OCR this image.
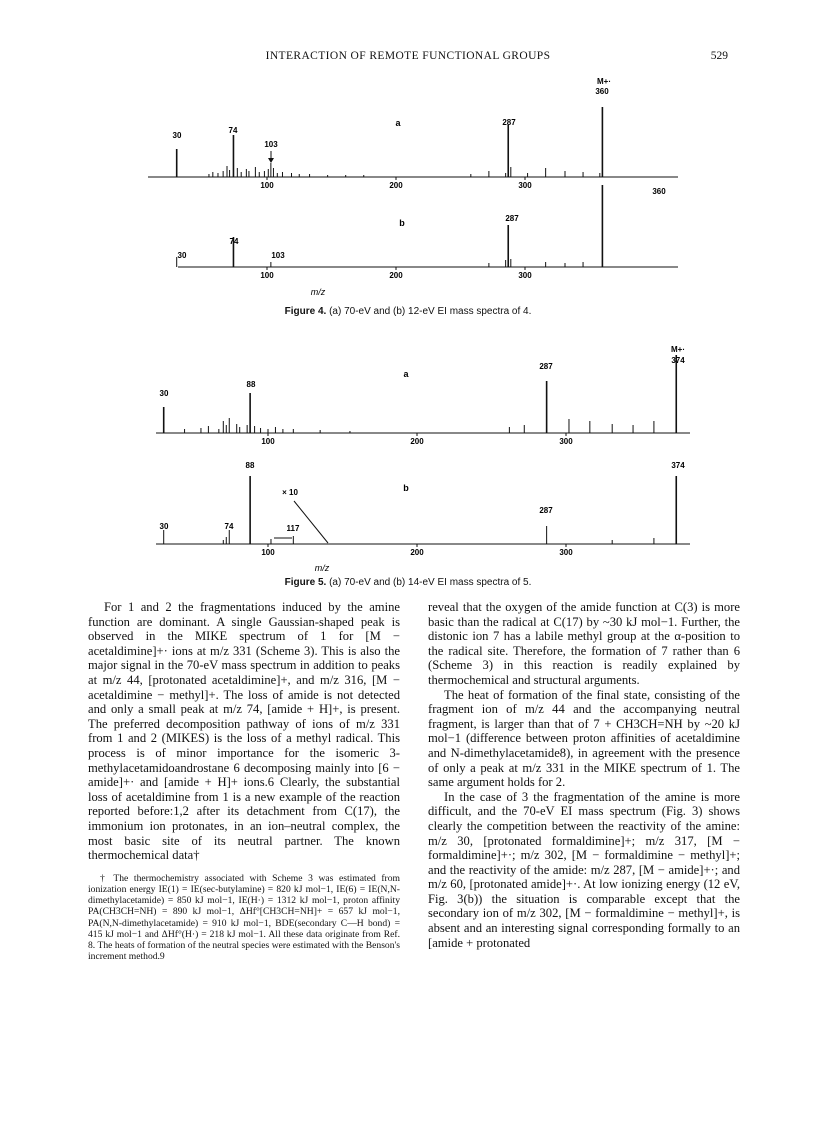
INTERACTION OF REMOTE FUNCTIONAL GROUPS	529
100	200	300
a
30
74
103
287
M+·
360
100	200	300
b
30
74
103
287
360
m/z
Figure 4. (a) 70-eV and (b) 12-eV EI mass spectra of 4.
100	200	300
a
30
88
287
M+·
374
100	200	300
b
30	74
88
117
287
374
× 10
m/z
Figure 5. (a) 70-eV and (b) 14-eV EI mass spectra of 5.

For 1 and 2 the fragmentations induced by the amine function are dominant. A single Gaussian-shaped peak is observed in the MIKE spectrum of 1 for [M − acetaldimine]+· ions at m/z 331 (Scheme 3). This is also the major signal in the 70-eV mass spectrum in addition to peaks at m/z 44, [protonated acetaldimine]+, and m/z 316, [M − acetaldimine − methyl]+. The loss of amide is not detected and only a small peak at m/z 74, [amide + H]+, is present. The preferred decomposition pathway of ions of m/z 331 from 1 and 2 (MIKES) is the loss of a methyl radical. This process is of minor importance for the isomeric 3-methylacetamidoandrostane 6 decomposing mainly into [6 − amide]+· and [amide + H]+ ions.6 Clearly, the substantial loss of acetaldimine from 1 is a new example of the reaction reported before:1,2 after its detachment from C(17), the immonium ion protonates, in an ion–neutral complex, the most basic site of its neutral partner. The known thermochemical data†

† The thermochemistry associated with Scheme 3 was estimated from ionization energy IE(1) = IE(sec-butylamine) = 820 kJ mol−1, IE(6) = IE(N,N-dimethylacetamide) = 850 kJ mol−1, IE(H·) = 1312 kJ mol−1, proton affinity PA(CH3CH=NH) = 890 kJ mol−1, ΔHf°[CH3CH=NH]+ = 657 kJ mol−1, PA(N,N-dimethylacetamide) = 910 kJ mol−1, BDE(secondary C—H bond) = 415 kJ mol−1 and ΔHf°(H·) = 218 kJ mol−1. All these data originate from Ref. 8. The heats of formation of the neutral species were estimated with the Benson's increment method.9

reveal that the oxygen of the amide function at C(3) is more basic than the radical at C(17) by ~30 kJ mol−1. Further, the distonic ion 7 has a labile methyl group at the α-position to the radical site. Therefore, the formation of 7 rather than 6 (Scheme 3) in this reaction is readily explained by thermochemical and structural arguments.

The heat of formation of the final state, consisting of the fragment ion of m/z 44 and the accompanying neutral fragment, is larger than that of 7 + CH3CH=NH by ~20 kJ mol−1 (difference between proton affinities of acetaldimine and N-dimethylacetamide8), in agreement with the presence of only a peak at m/z 331 in the MIKE spectrum of 1. The same argument holds for 2.

In the case of 3 the fragmentation of the amine is more difficult, and the 70-eV EI mass spectrum (Fig. 3) shows clearly the competition between the reactivity of the amine: m/z 30, [protonated formaldimine]+; m/z 317, [M − formaldimine]+·; m/z 302, [M − formaldimine − methyl]+; and the reactivity of the amide: m/z 287, [M − amide]+·; and m/z 60, [protonated amide]+·. At low ionizing energy (12 eV, Fig. 3(b)) the situation is comparable except that the secondary ion of m/z 302, [M − formaldimine − methyl]+, is absent and an interesting signal corresponding formally to an [amide + protonated
